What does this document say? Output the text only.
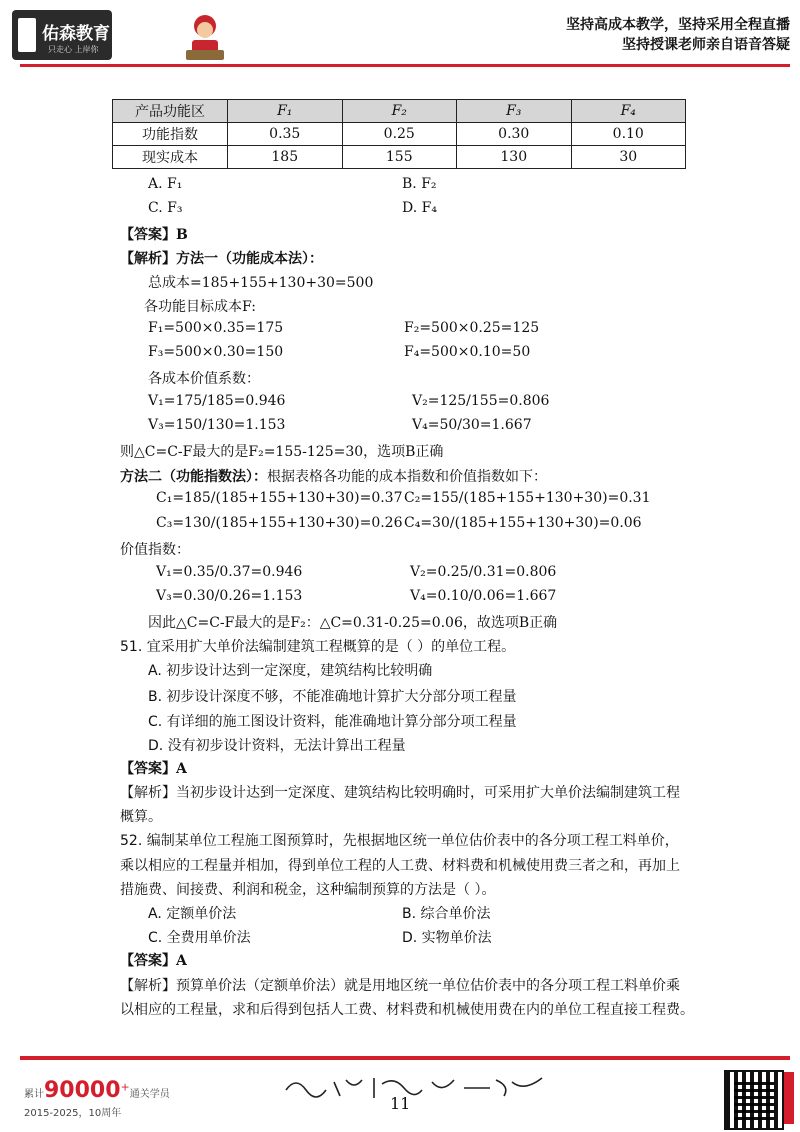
佑森教育
只走心 上岸你
坚持高成本教学，坚持采用全程直播
坚持授课老师亲自语音答疑
产品功能区	F₁	F₂	F₃	F₄
功能指数	0.35	0.25	0.30	0.10
现实成本	185	155	130	30
A. F₁	B. F₂
C. F₃	D. F₄
【答案】B
【解析】方法一（功能成本法）：
总成本=185+155+130+30=500
各功能目标成本F:
F₁=500×0.35=175	F₂=500×0.25=125
F₃=500×0.30=150	F₄=500×0.10=50
各成本价值系数：
V₁=175/185=0.946	V₂=125/155=0.806
V₃=150/130=1.153	V₄=50/30=1.667
则△C=C-F最大的是F₂=155-125=30，选项B正确
方法二（功能指数法）：根据表格各功能的成本指数和价值指数如下：
C₁=185/(185+155+130+30)=0.37 C₂=155/(185+155+130+30)=0.31
C₃=130/(185+155+130+30)=0.26 C₄=30/(185+155+130+30)=0.06
价值指数：
V₁=0.35/0.37=0.946	V₂=0.25/0.31=0.806
V₃=0.30/0.26=1.153	V₄=0.10/0.06=1.667
因此△C=C-F最大的是F₂：△C=0.31-0.25=0.06，故选项B正确
51. 宜采用扩大单价法编制建筑工程概算的是（ ）的单位工程。
A. 初步设计达到一定深度，建筑结构比较明确
B. 初步设计深度不够，不能准确地计算扩大分部分项工程量
C. 有详细的施工图设计资料，能准确地计算分部分项工程量
D. 没有初步设计资料，无法计算出工程量
【答案】A
【解析】当初步设计达到一定深度、建筑结构比较明确时，可采用扩大单价法编制建筑工程
概算。
52. 编制某单位工程施工图预算时，先根据地区统一单位估价表中的各分项工程工料单价，
乘以相应的工程量并相加，得到单位工程的人工费、材料费和机械使用费三者之和，再加上
措施费、间接费、利润和税金，这种编制预算的方法是（ ）。
A. 定额单价法	B. 综合单价法
C. 全费用单价法	D. 实物单价法
【答案】A
【解析】预算单价法（定额单价法）就是用地区统一单位估价表中的各分项工程工料单价乘
以相应的工程量，求和后得到包括人工费、材料费和机械使用费在内的单位工程直接工程费。
累计90000+通关学员
2015-2025，10周年
11
